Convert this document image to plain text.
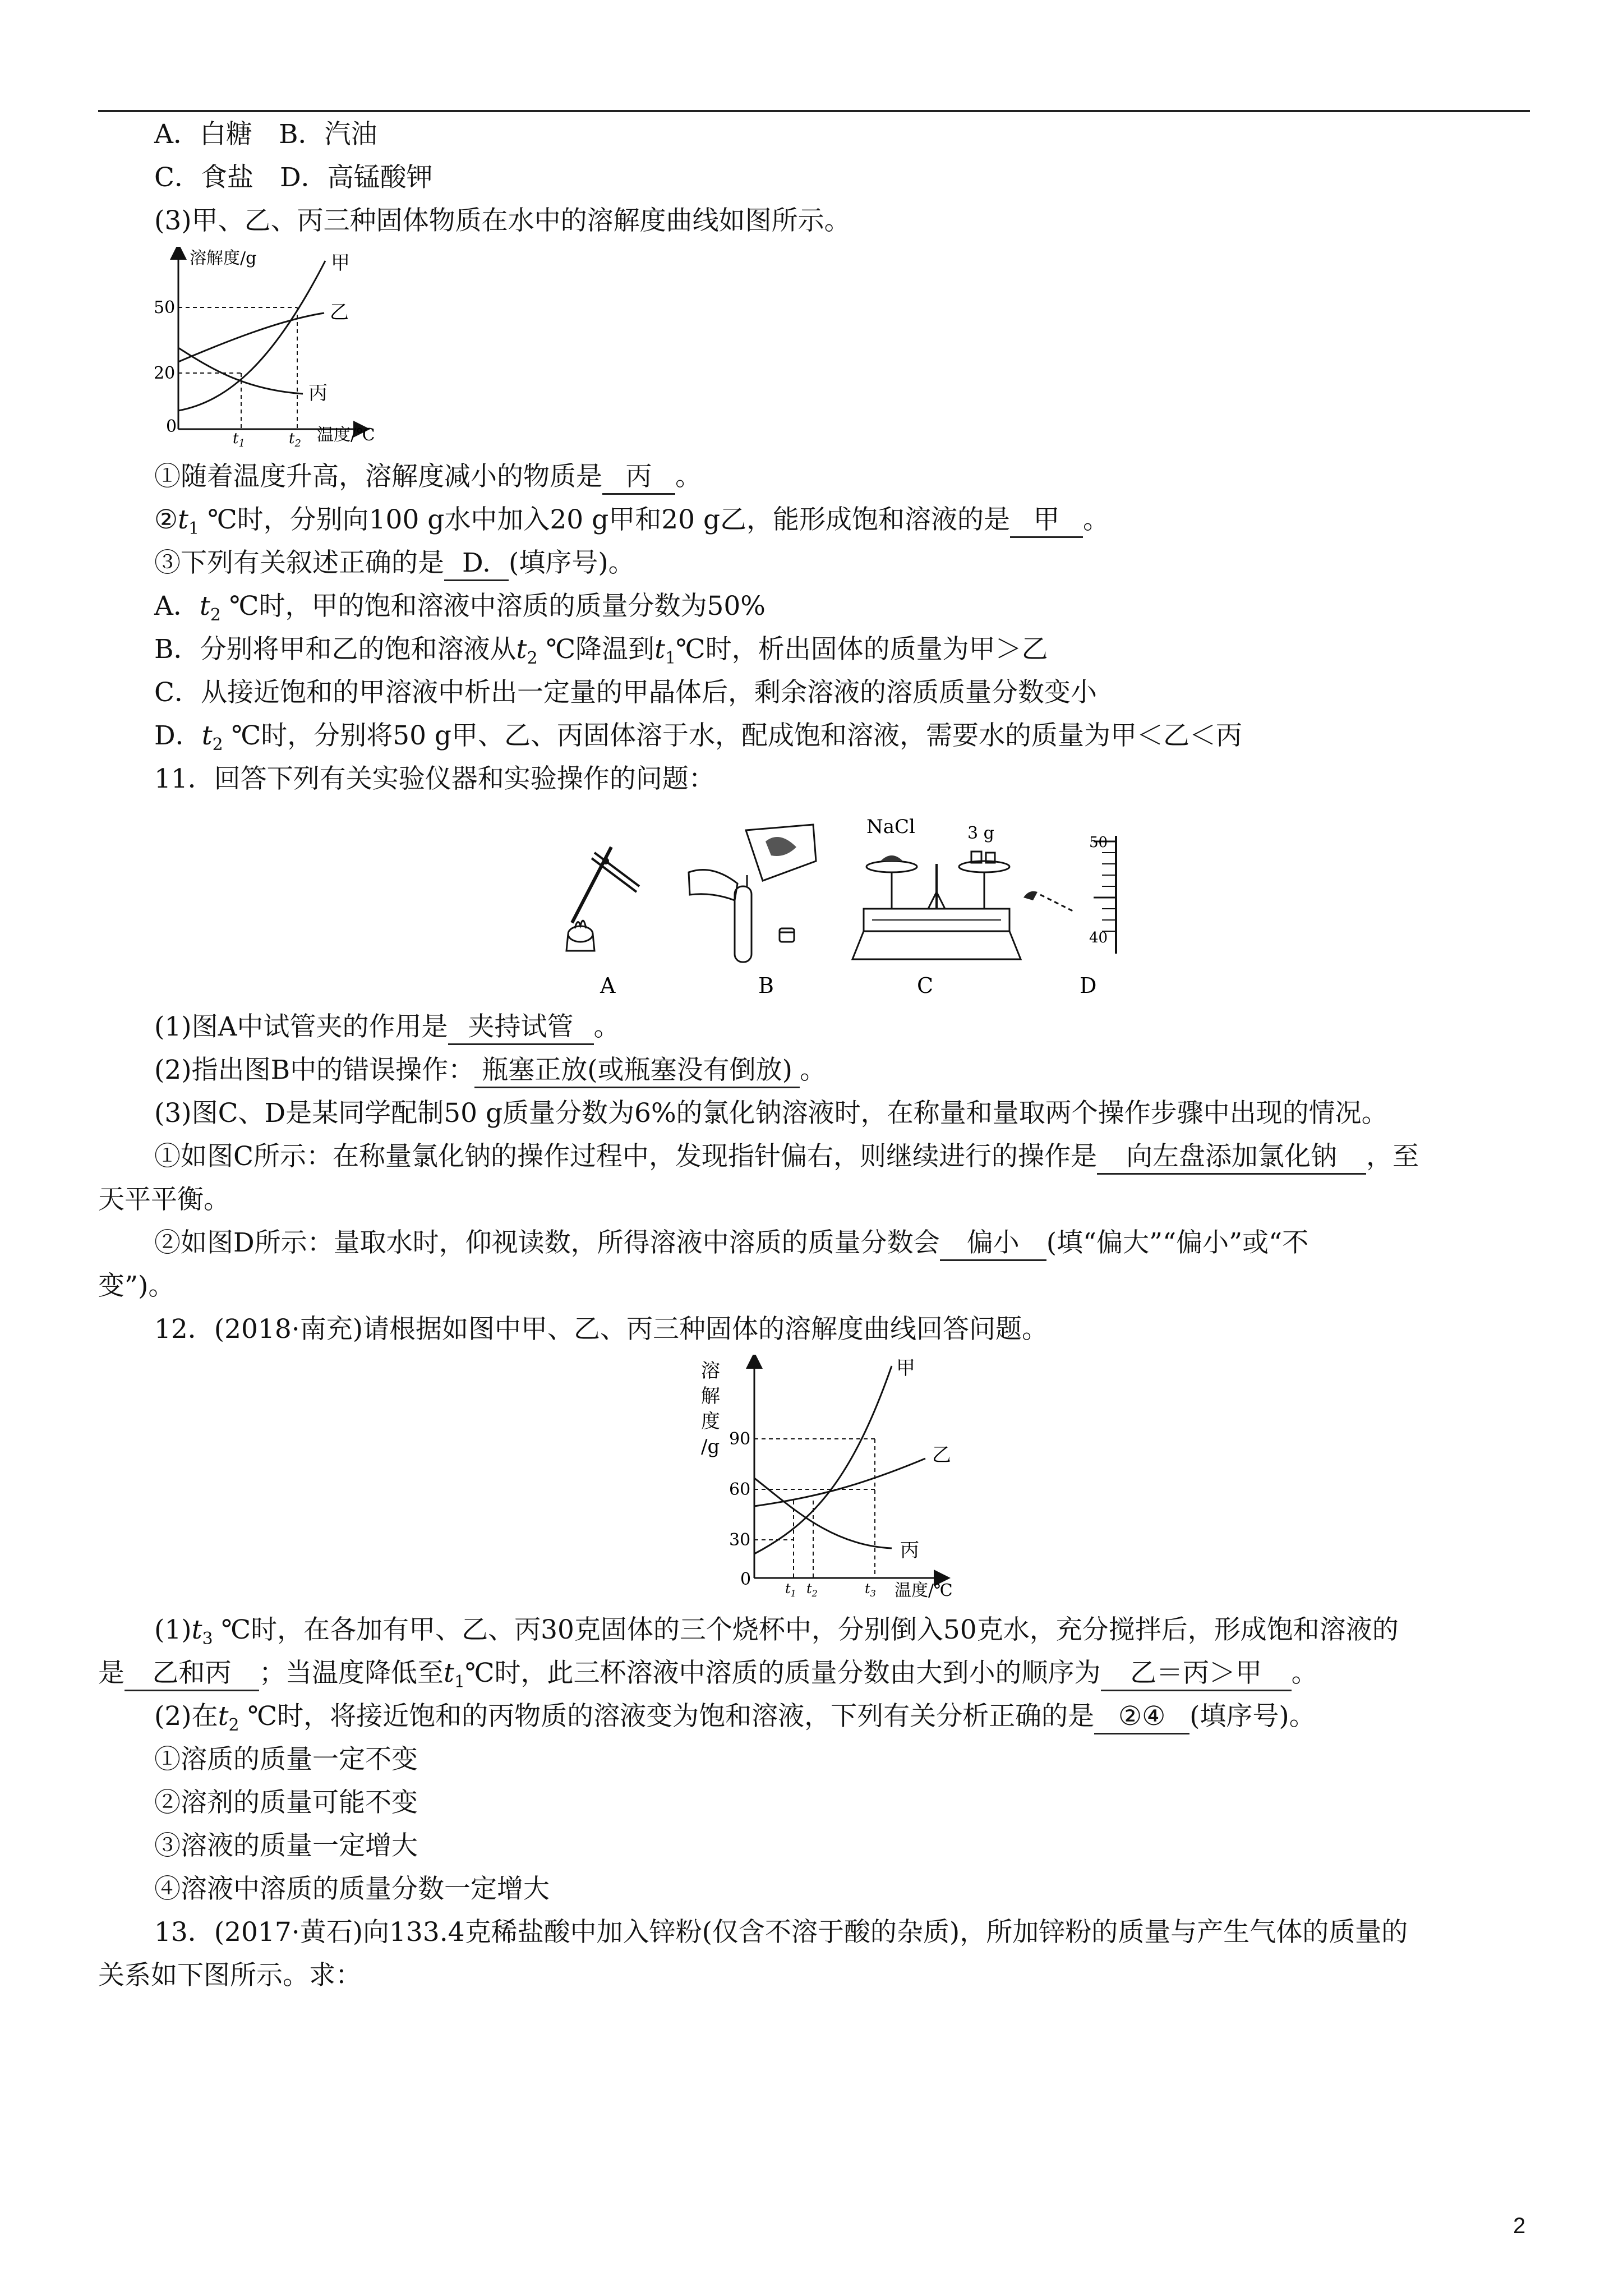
A．白糖　B．汽油
C．食盐　D．高锰酸钾
(3)甲、乙、丙三种固体物质在水中的溶解度曲线如图所示。
溶解度/g
温度/℃
50
20
0
$t_1$	$t_2$
甲
乙
丙
①随着温度升高，溶解度减小的物质是 丙 。
$②t_1$ ℃时，分别向100 g水中加入20 g甲和20 g乙，能形成饱和溶液的是 甲 。
③下列有关叙述正确的是 D. (填序号)。
A．$t_2$ ℃时，甲的饱和溶液中溶质的质量分数为50%
B．分别将甲和乙的饱和溶液从$t_2$ ℃降温到$t_1℃$时，析出固体的质量为甲＞乙
C．从接近饱和的甲溶液中析出一定量的甲晶体后，剩余溶液的溶质质量分数变小
D．$t_2$ ℃时，分别将50 g甲、乙、丙固体溶于水，配成饱和溶液，需要水的质量为甲＜乙＜丙
11．回答下列有关实验仪器和实验操作的问题：
NaCl	3 g	50
40
A	B	C	D
(1)图A中试管夹的作用是 夹持试管 。
(2)指出图B中的错误操作： 瓶塞正放(或瓶塞没有倒放) 。
(3)图C、D是某同学配制50 g质量分数为6%的氯化钠溶液时，在称量和量取两个操作步骤中出现的情况。
①如图C所示：在称量氯化钠的操作过程中，发现指针偏右，则继续进行的操作是 向左盘添加氯化钠 ，至
天平平衡。
②如图D所示：量取水时，仰视读数，所得溶液中溶质的质量分数会 偏小 (填“偏大”“偏小”或“不
变”)。
12．(2018·南充)请根据如图中甲、乙、丙三种固体的溶解度曲线回答问题。
溶
解
度
/g 90
60
30
0	$t_1$ $t_2$	$t_3$ 温度/℃
甲
乙
丙
$(1)t_3$ ℃时，在各加有甲、乙、丙30克固体的三个烧杯中，分别倒入50克水，充分搅拌后，形成饱和溶液的
是 乙和丙 ；当温度降低至$t_1℃$时，此三杯溶液中溶质的质量分数由大到小的顺序为 乙＝丙＞甲 。
(2)在$t_2$ ℃时，将接近饱和的丙物质的溶液变为饱和溶液，下列有关分析正确的是 ②④ (填序号)。
①溶质的质量一定不变
②溶剂的质量可能不变
③溶液的质量一定增大
④溶液中溶质的质量分数一定增大
13．(2017·黄石)向133.4克稀盐酸中加入锌粉(仅含不溶于酸的杂质)，所加锌粉的质量与产生气体的质量的
关系如下图所示。求：
2
